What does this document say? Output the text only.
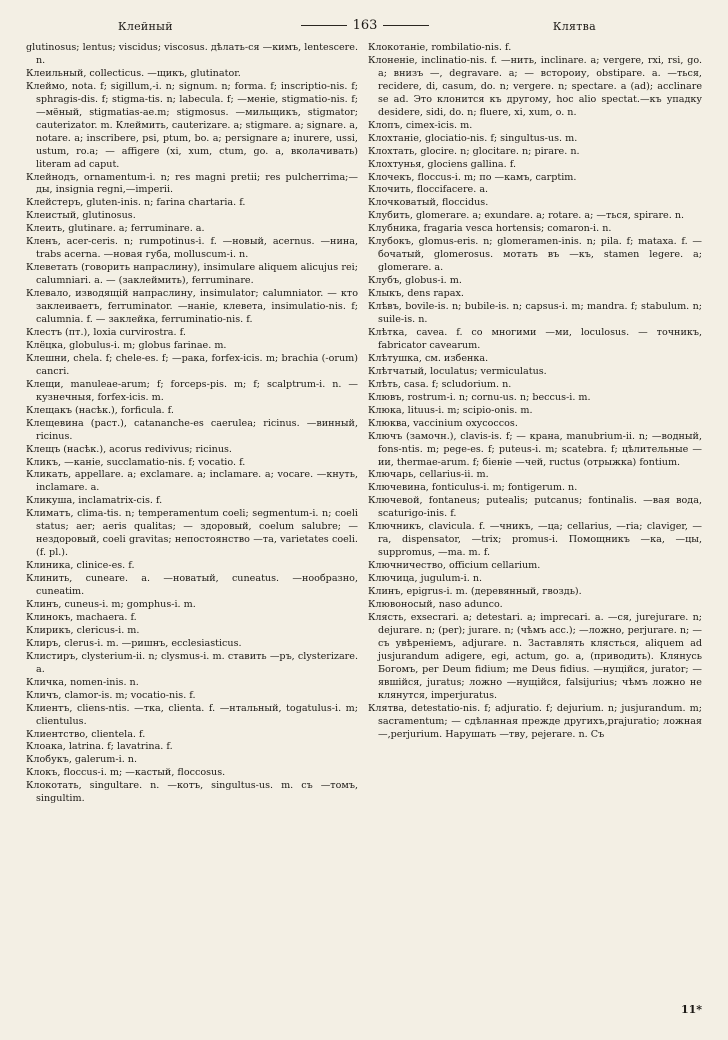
Клейный	163	Клятва
glutinosus; lentus; viscidus; viscosus. дѣлать-ся —кимъ, lentescere. n.
Клеильный, collecticus. —щикъ, glutinator.
Клеймо, nota. f; sigillum,-i. n; signum. n; forma. f; inscriptio-nis. f; sphragis-dis. f; stigma-tis. n; labeculа. f; —меніе, stigmatio-nis. f; —мёный, stigmatias-ae.m; stigmosus. —мильщикъ, stigmator; cauterizator. m. Клеймить, cauterizare. a; stigmare. a; signare. a, notare. a; inscribere, psi, ptum, bo. a; persignare a; inurere, ussi, ustum, ro.a; — affigere (xi, xum, ctum, go. a, вколачивать) literam ad caput.
Клейнодъ, ornamentum-i. n; res magni pretii; res pulcherrima;—ды, insignia regni,—imperii.
Клейстеръ, gluten-inis. n; farina chartaria. f.
Клеистый, glutinosus.
Клеить, glutinare. a; ferruminare. a.
Кленъ, acer-ceris. n; rumpotinus-i. f. —новый, acernus. —нина, trabs acerna. —новая губа, molluscum-i. n.
Клеветать (говорить напраслину), insimulare aliquem alicujus rei; calumniari. a. — (заклеймить), ferruminare.
Клевало, изводящій напраслину, insimulator; calumniator. — кто заклеиваетъ, ferruminator. —наніе, клевета, insimulatio-nis. f; calumnia. f. — заклейка, ferruminatio-nis. f.
Клестъ (пт.), loxia curvirostra. f.
Клёцка, globulus-i. m; globus farinae. m.
Клешни, chela. f; chele-es. f; —рака, forfex-icis. m; brachia (-orum) cancri.
Клещи, manuleae-arum; f; forceps-pis. m; f; scalptrum-i. n. — кузнечныя, forfex-icis. m.
Клещакъ (насѣк.), forficula. f.
Клещевина (раст.), catananche-es caerulea; ricinus. —винный, ricinus.
Клещъ (насѣк.), acorus redivivus; ricinus.
Кликъ, —каніе, succlamatio-nis. f; vocatio. f.
Кликать, appellare. a; exclamare. a; inclamare. a; vocare. —кнуть, inclamare. a.
Кликуша, inclamatrix-cis. f.
Климатъ, clima-tis. n; temperamentum coeli; segmentum-i. n; coeli status; aer; aeris qualitas; — здоровый, coelum salubre; — нездоровый, coeli gravitas; непостоянство —та, varietates coeli. (f. pl.).
Клиника, clinice-es. f.
Клинить, cuneare. a. —новатый, cuneatus. —нообразно, cuneatim.
Клинъ, cuneus-i. m; gomphus-i. m.
Клинокъ, machaera. f.
Клирикъ, clericus-i. m.
Клиръ, clerus-i. m. —ришнъ, ecclesiasticus.
Клистиръ, clysterium-ii. n; clysmus-i. m. ставить —ръ, clysterizare. a.
Кличка, nomen-inis. n.
Кличъ, clamor-is. m; vocatio-nis. f.
Клиентъ, cliens-ntis. —тка, clienta. f. —нтальный, togatulus-i. m; clientulus.
Клиентство, clientela. f.
Клоака, latrina. f; lavatrina. f.
Клобукъ, galerum-i. n.
Клокъ, floccus-i. m; —кастый, floccosus.
Клокотать, singultare. n. —котъ, singultus-us. m. съ —томъ, singultim.
Клокотаніе, rombilatio-nis. f.
Клоненіе, inclinatio-nis. f. —нить, inclinare. a; vergere, rxi, rsi, go. a; внизъ —, degravare. a; — встороиу, obstipare. a. —ться, recidere, di, casum, do. n; vergere. n; spectare. a (ad); acclinare se ad. Это клонится къ другому, hoc alio spectat.—къ упадку desidere, sidi, do. n; fluere, xi, xum, o. n.
Клопъ, cimex-icis. m.
Клохтаніе, glociatio-nis. f; singultus-us. m.
Клохтать, glocire. n; glocitare. n; pirare. n.
Клохтунья, glociens gallina. f.
Клочекъ, floccus-i. m; по —камъ, carptim.
Клочить, floccifacere. a.
Клочковатый, floccidus.
Клубить, glomerare. a; exundare. a; rotare. a; —ться, spirare. n.
Клубника, fragaria vesca hortensis; comaron-i. n.
Клубокъ, glomus-eris. n; glomeramen-inis. n; pila. f; mataxa. f. —бочатый, glomerosus. мотать въ —къ, stamen legere. a; glomerare. a.
Клубъ, globus-i. m.
Клыкъ, dens rapax.
Клѣвъ, bovile-is. n; bubile-is. n; capsus-i. m; mandra. f; stabulum. n; suile-is. n.
Клѣтка, cavea. f. со многими —ми, loculosus. — точникъ, fabricator cavearum.
Клѣтушка, см. избенка.
Клѣтчатый, loculatus; vermiculatus.
Клѣть, casa. f; scludorium. n.
Клювъ, rostrum-i. n; cornu-us. n; beccus-i. m.
Клюка, lituus-i. m; scipio-onis. m.
Клюква, vaccinium oxycoccos.
Ключъ (замочн.), clavis-is. f; — крана, manubrium-ii. n; —водный, fons-ntis. m; pege-es. f; puteus-i. m; scatebra. f; цѣлительные —ии, thermae-arum. f; біеніе —чей, ructus (отрыжка) fontium.
Ключарь, cellarius-ii. m.
Ключевина, fonticulus-i. m; fontigerum. n.
Ключевой, fontaneus; putealis; putcanus; fontinalis. —вая вода, scaturigo-inis. f.
Ключникъ, clavicula. f. —чникъ, —ца; cellarius, —ria; claviger, —ra, dispensator, —trix; promus-i. Помощникъ —ка, —цы, suppromus, —ma. m. f.
Ключничество, officium cellarium.
Ключица, jugulum-i. n.
Клинъ, epigrus-i. m. (деревянный, гвоздь).
Клювоносый, naso adunco.
Клясть, exsecrari. a; detestari. a; imprecari. a. —ся, jurejurare. n; dejurare. n; (per); jurare. n; (чѣмъ acc.); —ложно, perjurare. n; —съ увѣреніемъ, adjurare. n. Заставлять клясться, aliquem ad jusjurandum adigere, egi, actum, go. a, (приводить). Клянусь Богомъ, per Deum fidium; me Deus fidius. —нущійся, jurator; —явшійся, juratus; ложно —нущійся, falsijurius; чѣмъ ложно не клянутся, imperjuratus.
Клятва, detestatio-nis. f; adjuratio. f; dejurium. n; jusjurandum. m; sacramentum; — сдѣланная прежде другихъ,prajuratio; ложная —,perjurium. Нарушать —тву, pejerare. n. Съ
11*
